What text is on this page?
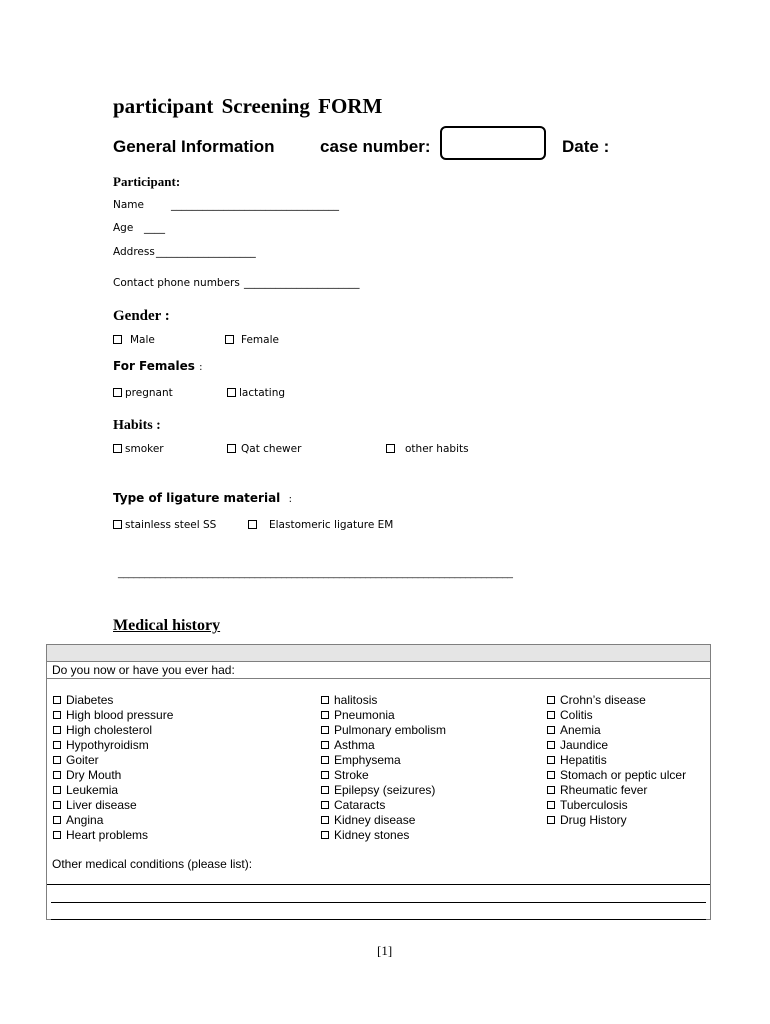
participant Screening FORM
General Information	case number:	Date :
Participant:
Name	________________________________
Age ____
Address ___________________
Contact phone numbers ______________________
Gender :
Male	Female
For Females :
pregnant	lactating
Habits :
smoker	Qat chewer	other habits
Type of ligature material :
stainless steel SS	Elastomeric ligature EM
___________________________________________________________________________
Medical history
Do you now or have you ever had:
Diabetes
High blood pressure
High cholesterol
Hypothyroidism
Goiter
Dry Mouth
Leukemia
Liver disease
Angina
Heart problems
halitosis
Pneumonia
Pulmonary embolism
Asthma
Emphysema
Stroke
Epilepsy (seizures)
Cataracts
Kidney disease
Kidney stones
Crohn’s disease
Colitis
Anemia
Jaundice
Hepatitis
Stomach or peptic ulcer
Rheumatic fever
Tuberculosis
Drug History
Other medical conditions (please list):
[1]
